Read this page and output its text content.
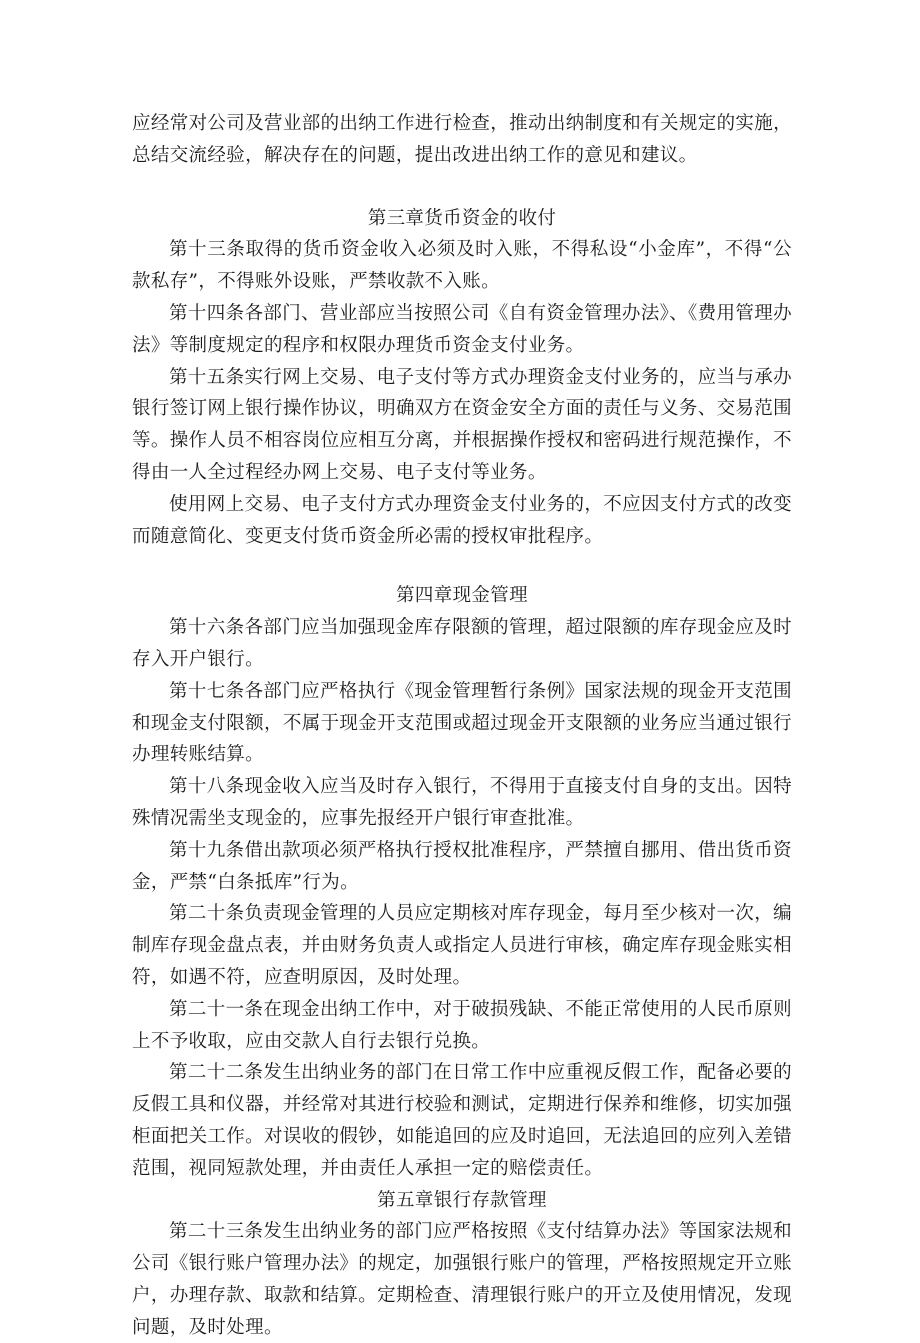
应经常对公司及营业部的出纳工作进行检查，推动出纳制度和有关规定的实施，总结交流经验，解决存在的问题，提出改进出纳工作的意见和建议。

第三章货币资金的收付

第十三条取得的货币资金收入必须及时入账，不得私设“小金库”，不得“公款私存”，不得账外设账，严禁收款不入账。

第十四条各部门、营业部应当按照公司《自有资金管理办法》、《费用管理办法》等制度规定的程序和权限办理货币资金支付业务。

第十五条实行网上交易、电子支付等方式办理资金支付业务的，应当与承办银行签订网上银行操作协议，明确双方在资金安全方面的责任与义务、交易范围等。操作人员不相容岗位应相互分离，并根据操作授权和密码进行规范操作，不得由一人全过程经办网上交易、电子支付等业务。

使用网上交易、电子支付方式办理资金支付业务的，不应因支付方式的改变而随意简化、变更支付货币资金所必需的授权审批程序。

第四章现金管理

第十六条各部门应当加强现金库存限额的管理，超过限额的库存现金应及时存入开户银行。

第十七条各部门应严格执行《现金管理暂行条例》国家法规的现金开支范围和现金支付限额，不属于现金开支范围或超过现金开支限额的业务应当通过银行办理转账结算。

第十八条现金收入应当及时存入银行，不得用于直接支付自身的支出。因特殊情况需坐支现金的，应事先报经开户银行审查批准。

第十九条借出款项必须严格执行授权批准程序，严禁擅自挪用、借出货币资金，严禁“白条抵库”行为。

第二十条负责现金管理的人员应定期核对库存现金，每月至少核对一次，编制库存现金盘点表，并由财务负责人或指定人员进行审核，确定库存现金账实相符，如遇不符，应查明原因，及时处理。

第二十一条在现金出纳工作中，对于破损残缺、不能正常使用的人民币原则上不予收取，应由交款人自行去银行兑换。

第二十二条发生出纳业务的部门在日常工作中应重视反假工作，配备必要的反假工具和仪器，并经常对其进行校验和测试，定期进行保养和维修，切实加强柜面把关工作。对误收的假钞，如能追回的应及时追回，无法追回的应列入差错范围，视同短款处理，并由责任人承担一定的赔偿责任。

第五章银行存款管理

第二十三条发生出纳业务的部门应严格按照《支付结算办法》等国家法规和公司《银行账户管理办法》的规定，加强银行账户的管理，严格按照规定开立账户，办理存款、取款和结算。定期检查、清理银行账户的开立及使用情况，发现问题，及时处理。
